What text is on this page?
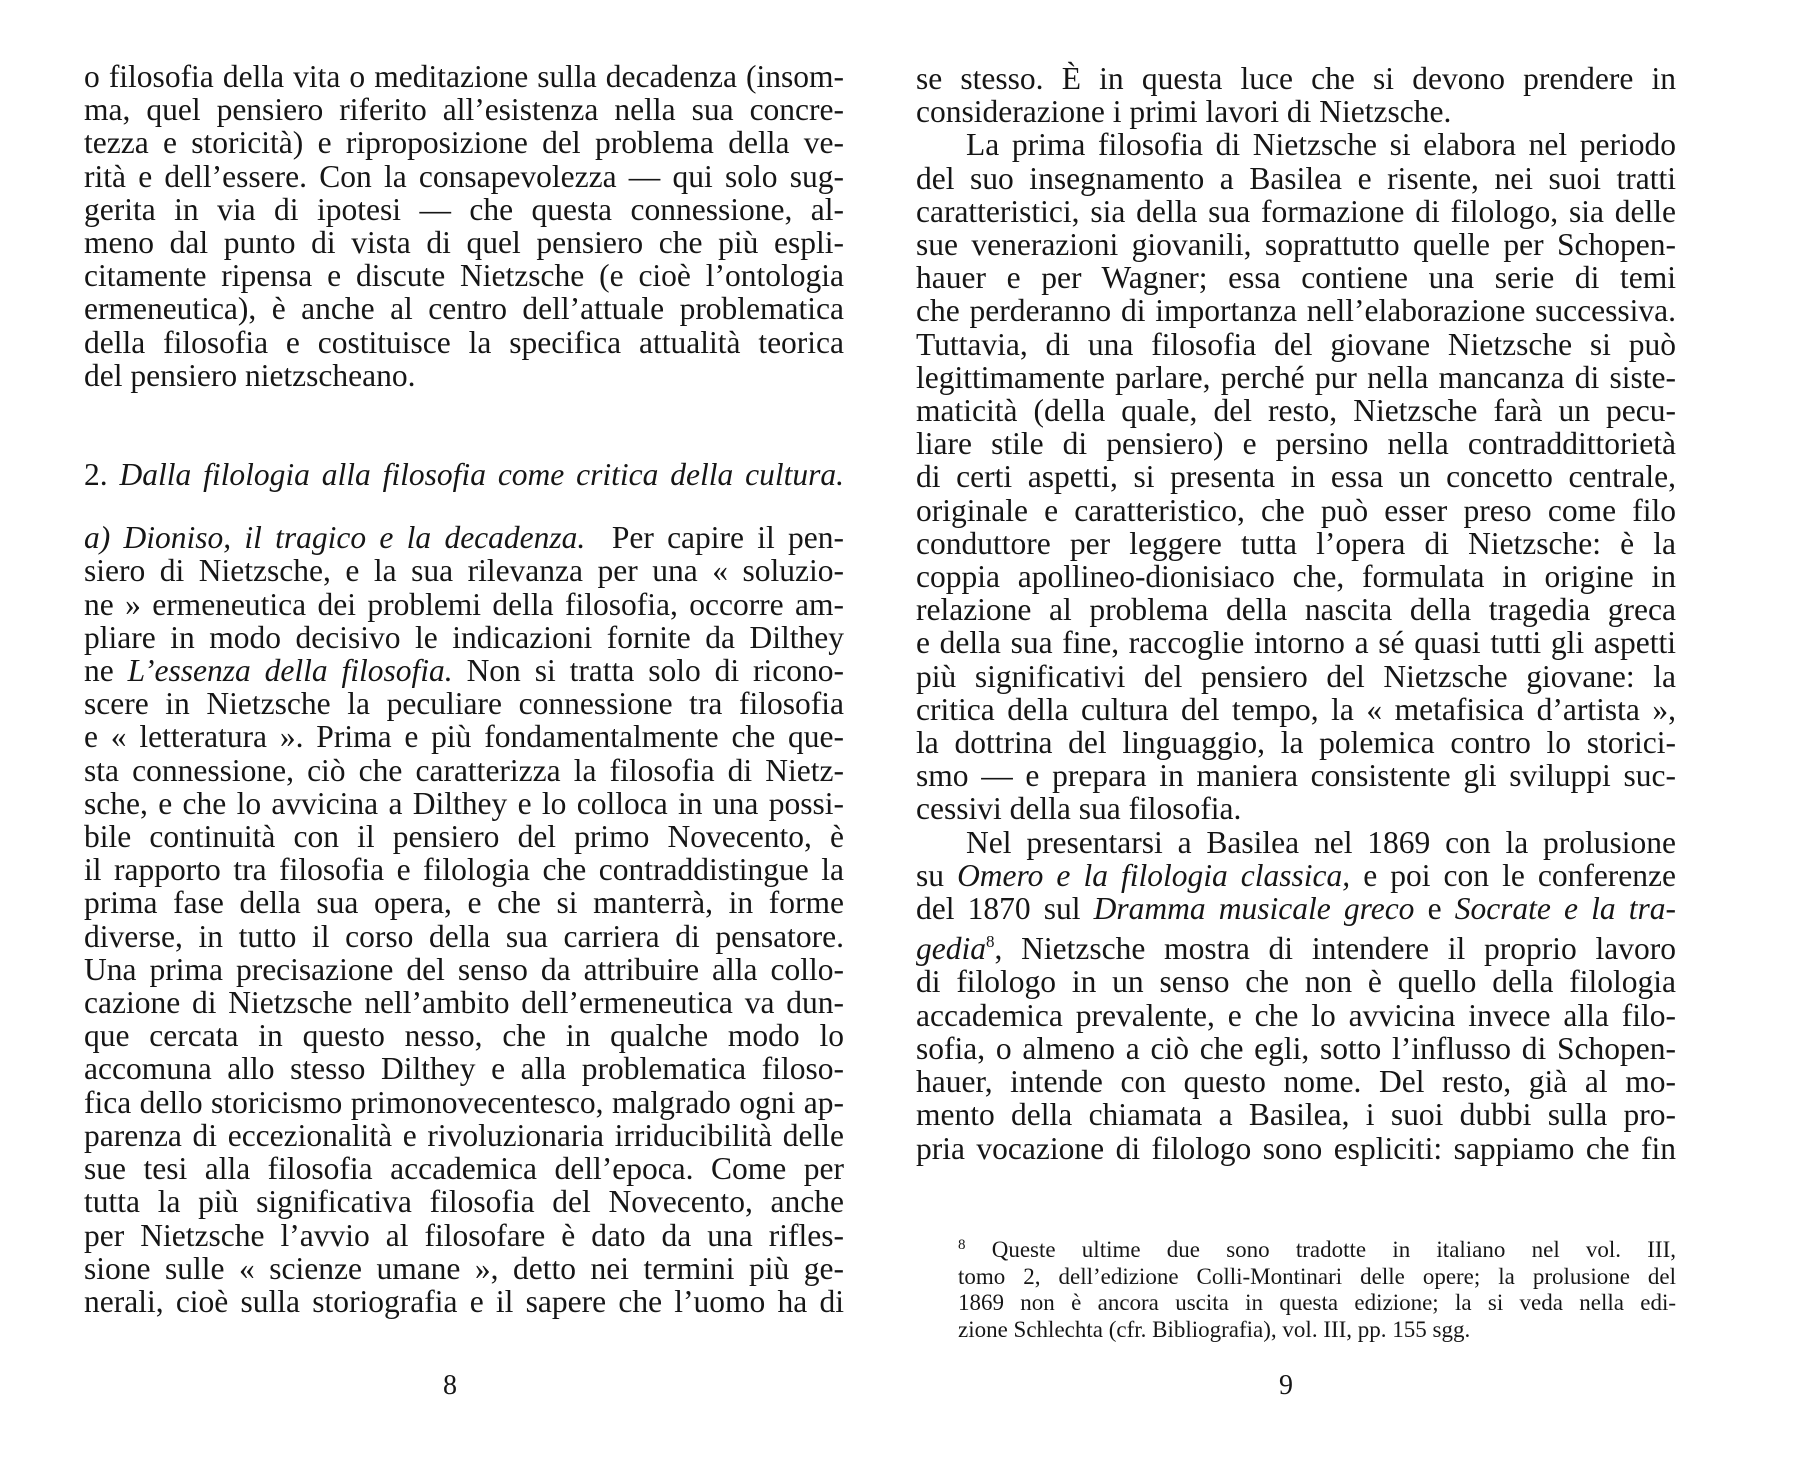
o filosofia della vita o meditazione sulla decadenza (insom-
ma, quel pensiero riferito all’esistenza nella sua concre-
tezza e storicità) e riproposizione del problema della ve-
rità e dell’essere. Con la consapevolezza — qui solo sug-
gerita in via di ipotesi — che questa connessione, al-
meno dal punto di vista di quel pensiero che più espli-
citamente ripensa e discute Nietzsche (e cioè l’ontologia
ermeneutica), è anche al centro dell’attuale problematica
della filosofia e costituisce la specifica attualità teorica
del pensiero nietzscheano.

2. Dalla filologia alla filosofia come critica della cultura.

a) Dioniso, il tragico e la decadenza. Per capire il pen-
siero di Nietzsche, e la sua rilevanza per una « soluzio-
ne » ermeneutica dei problemi della filosofia, occorre am-
pliare in modo decisivo le indicazioni fornite da Dilthey
ne L’essenza della filosofia. Non si tratta solo di ricono-
scere in Nietzsche la peculiare connessione tra filosofia
e « letteratura ». Prima e più fondamentalmente che que-
sta connessione, ciò che caratterizza la filosofia di Nietz-
sche, e che lo avvicina a Dilthey e lo colloca in una possi-
bile continuità con il pensiero del primo Novecento, è
il rapporto tra filosofia e filologia che contraddistingue la
prima fase della sua opera, e che si manterrà, in forme
diverse, in tutto il corso della sua carriera di pensatore.
Una prima precisazione del senso da attribuire alla collo-
cazione di Nietzsche nell’ambito dell’ermeneutica va dun-
que cercata in questo nesso, che in qualche modo lo
accomuna allo stesso Dilthey e alla problematica filoso-
fica dello storicismo primonovecentesco, malgrado ogni ap-
parenza di eccezionalità e rivoluzionaria irriducibilità delle
sue tesi alla filosofia accademica dell’epoca. Come per
tutta la più significativa filosofia del Novecento, anche
per Nietzsche l’avvio al filosofare è dato da una rifles-
sione sulle « scienze umane », detto nei termini più ge-
nerali, cioè sulla storiografia e il sapere che l’uomo ha di

8

se stesso. È in questa luce che si devono prendere in
considerazione i primi lavori di Nietzsche.

La prima filosofia di Nietzsche si elabora nel periodo
del suo insegnamento a Basilea e risente, nei suoi tratti
caratteristici, sia della sua formazione di filologo, sia delle
sue venerazioni giovanili, soprattutto quelle per Schopen-
hauer e per Wagner; essa contiene una serie di temi
che perderanno di importanza nell’elaborazione successiva.
Tuttavia, di una filosofia del giovane Nietzsche si può
legittimamente parlare, perché pur nella mancanza di siste-
maticità (della quale, del resto, Nietzsche farà un pecu-
liare stile di pensiero) e persino nella contraddittorietà
di certi aspetti, si presenta in essa un concetto centrale,
originale e caratteristico, che può esser preso come filo
conduttore per leggere tutta l’opera di Nietzsche: è la
coppia apollineo-dionisiaco che, formulata in origine in
relazione al problema della nascita della tragedia greca
e della sua fine, raccoglie intorno a sé quasi tutti gli aspetti
più significativi del pensiero del Nietzsche giovane: la
critica della cultura del tempo, la « metafisica d’artista »,
la dottrina del linguaggio, la polemica contro lo storici-
smo — e prepara in maniera consistente gli sviluppi suc-
cessivi della sua filosofia.

Nel presentarsi a Basilea nel 1869 con la prolusione
su Omero e la filologia classica, e poi con le conferenze
del 1870 sul Dramma musicale greco e Socrate e la tra-
gedia$^8$, Nietzsche mostra di intendere il proprio lavoro
di filologo in un senso che non è quello della filologia
accademica prevalente, e che lo avvicina invece alla filo-
sofia, o almeno a ciò che egli, sotto l’influsso di Schopen-
hauer, intende con questo nome. Del resto, già al mo-
mento della chiamata a Basilea, i suoi dubbi sulla pro-
pria vocazione di filologo sono espliciti: sappiamo che fin

$^8$ Queste ultime due sono tradotte in italiano nel vol. III,
tomo 2, dell’edizione Colli-Montinari delle opere; la prolusione del
1869 non è ancora uscita in questa edizione; la si veda nella edi-
zione Schlechta (cfr. Bibliografia), vol. III, pp. 155 sgg.
9
